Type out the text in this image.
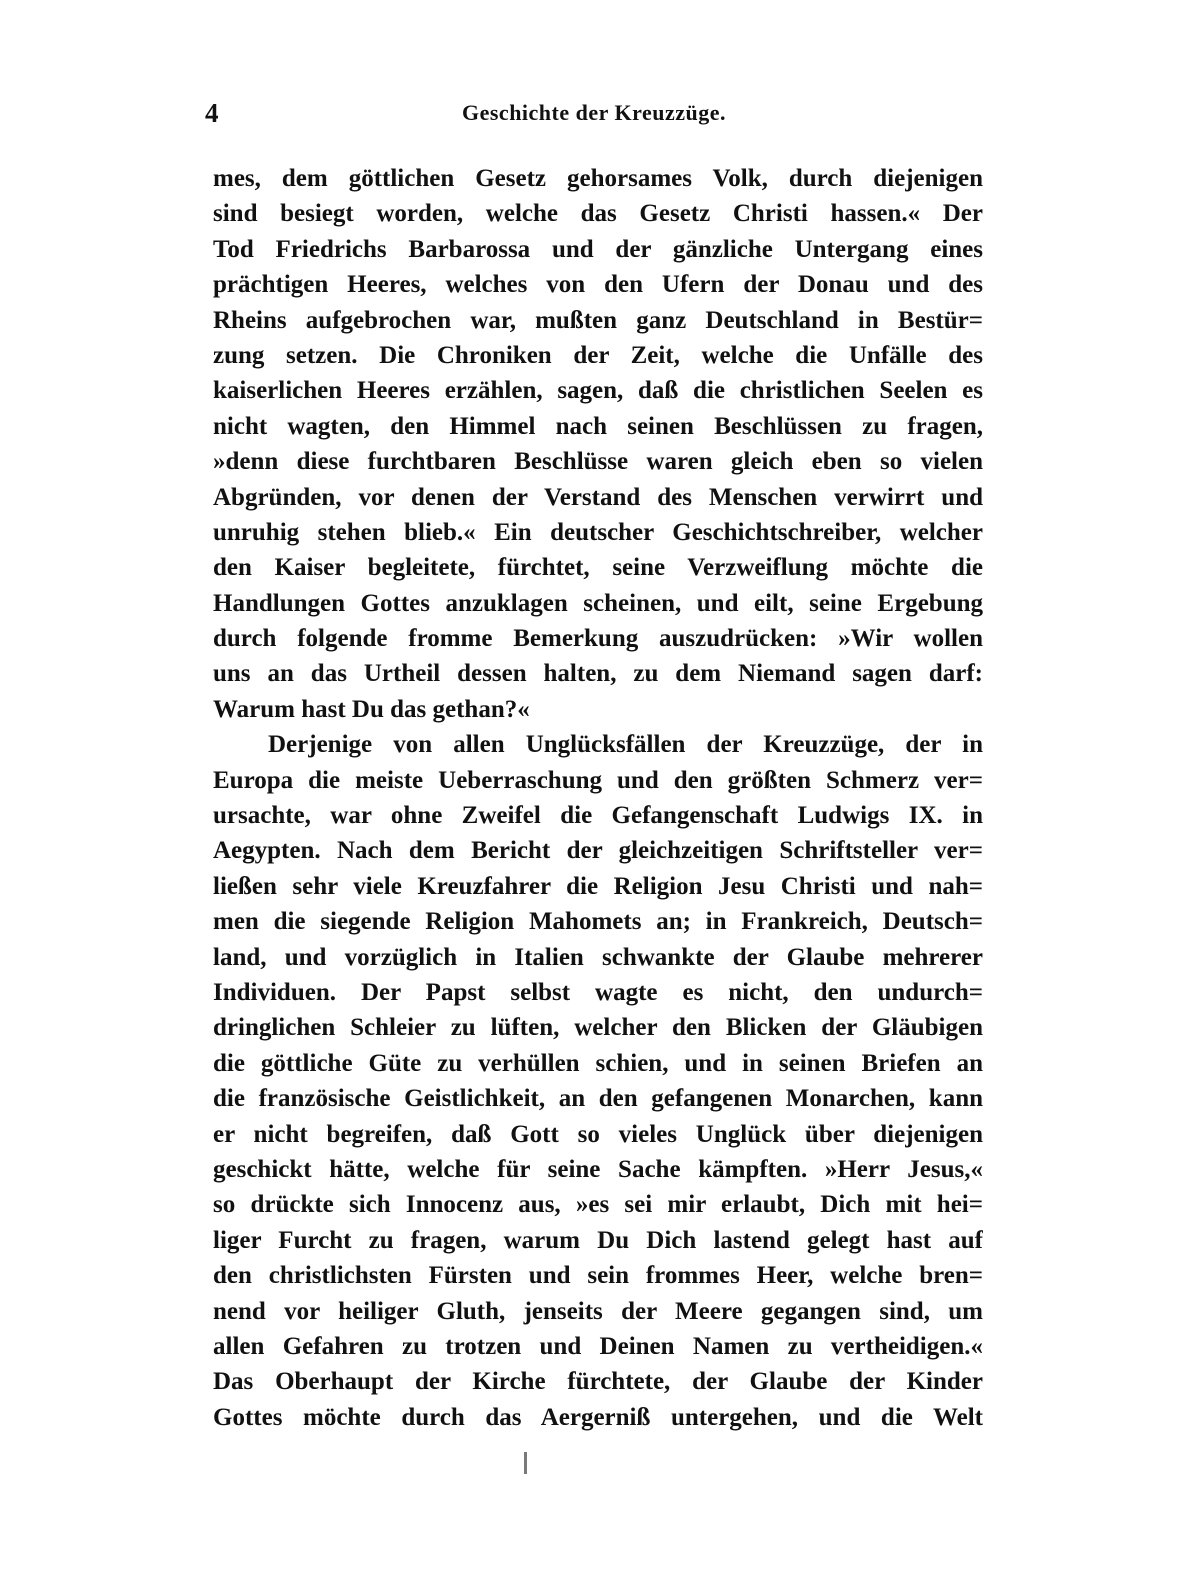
4	Geschichte der Kreuzzüge.
mes, dem göttlichen Gesetz gehorsames Volk, durch diejenigen
sind besiegt worden, welche das Gesetz Christi hassen.« Der
Tod Friedrichs Barbarossa und der gänzliche Untergang eines
prächtigen Heeres, welches von den Ufern der Donau und des
Rheins aufgebrochen war, mußten ganz Deutschland in Bestür=
zung setzen. Die Chroniken der Zeit, welche die Unfälle des
kaiserlichen Heeres erzählen, sagen, daß die christlichen Seelen es
nicht wagten, den Himmel nach seinen Beschlüssen zu fragen,
»denn diese furchtbaren Beschlüsse waren gleich eben so vielen
Abgründen, vor denen der Verstand des Menschen verwirrt und
unruhig stehen blieb.« Ein deutscher Geschichtschreiber, welcher
den Kaiser begleitete, fürchtet, seine Verzweiflung möchte die
Handlungen Gottes anzuklagen scheinen, und eilt, seine Ergebung
durch folgende fromme Bemerkung auszudrücken: »Wir wollen
uns an das Urtheil dessen halten, zu dem Niemand sagen darf:
Warum hast Du das gethan?«
Derjenige von allen Unglücksfällen der Kreuzzüge, der in
Europa die meiste Ueberraschung und den größten Schmerz ver=
ursachte, war ohne Zweifel die Gefangenschaft Ludwigs IX. in
Aegypten. Nach dem Bericht der gleichzeitigen Schriftsteller ver=
ließen sehr viele Kreuzfahrer die Religion Jesu Christi und nah=
men die siegende Religion Mahomets an; in Frankreich, Deutsch=
land, und vorzüglich in Italien schwankte der Glaube mehrerer
Individuen. Der Papst selbst wagte es nicht, den undurch=
dringlichen Schleier zu lüften, welcher den Blicken der Gläubigen
die göttliche Güte zu verhüllen schien, und in seinen Briefen an
die französische Geistlichkeit, an den gefangenen Monarchen, kann
er nicht begreifen, daß Gott so vieles Unglück über diejenigen
geschickt hätte, welche für seine Sache kämpften. »Herr Jesus,«
so drückte sich Innocenz aus, »es sei mir erlaubt, Dich mit hei=
liger Furcht zu fragen, warum Du Dich lastend gelegt hast auf
den christlichsten Fürsten und sein frommes Heer, welche bren=
nend vor heiliger Gluth, jenseits der Meere gegangen sind, um
allen Gefahren zu trotzen und Deinen Namen zu vertheidigen.«
Das Oberhaupt der Kirche fürchtete, der Glaube der Kinder
Gottes möchte durch das Aergerniß untergehen, und die Welt
